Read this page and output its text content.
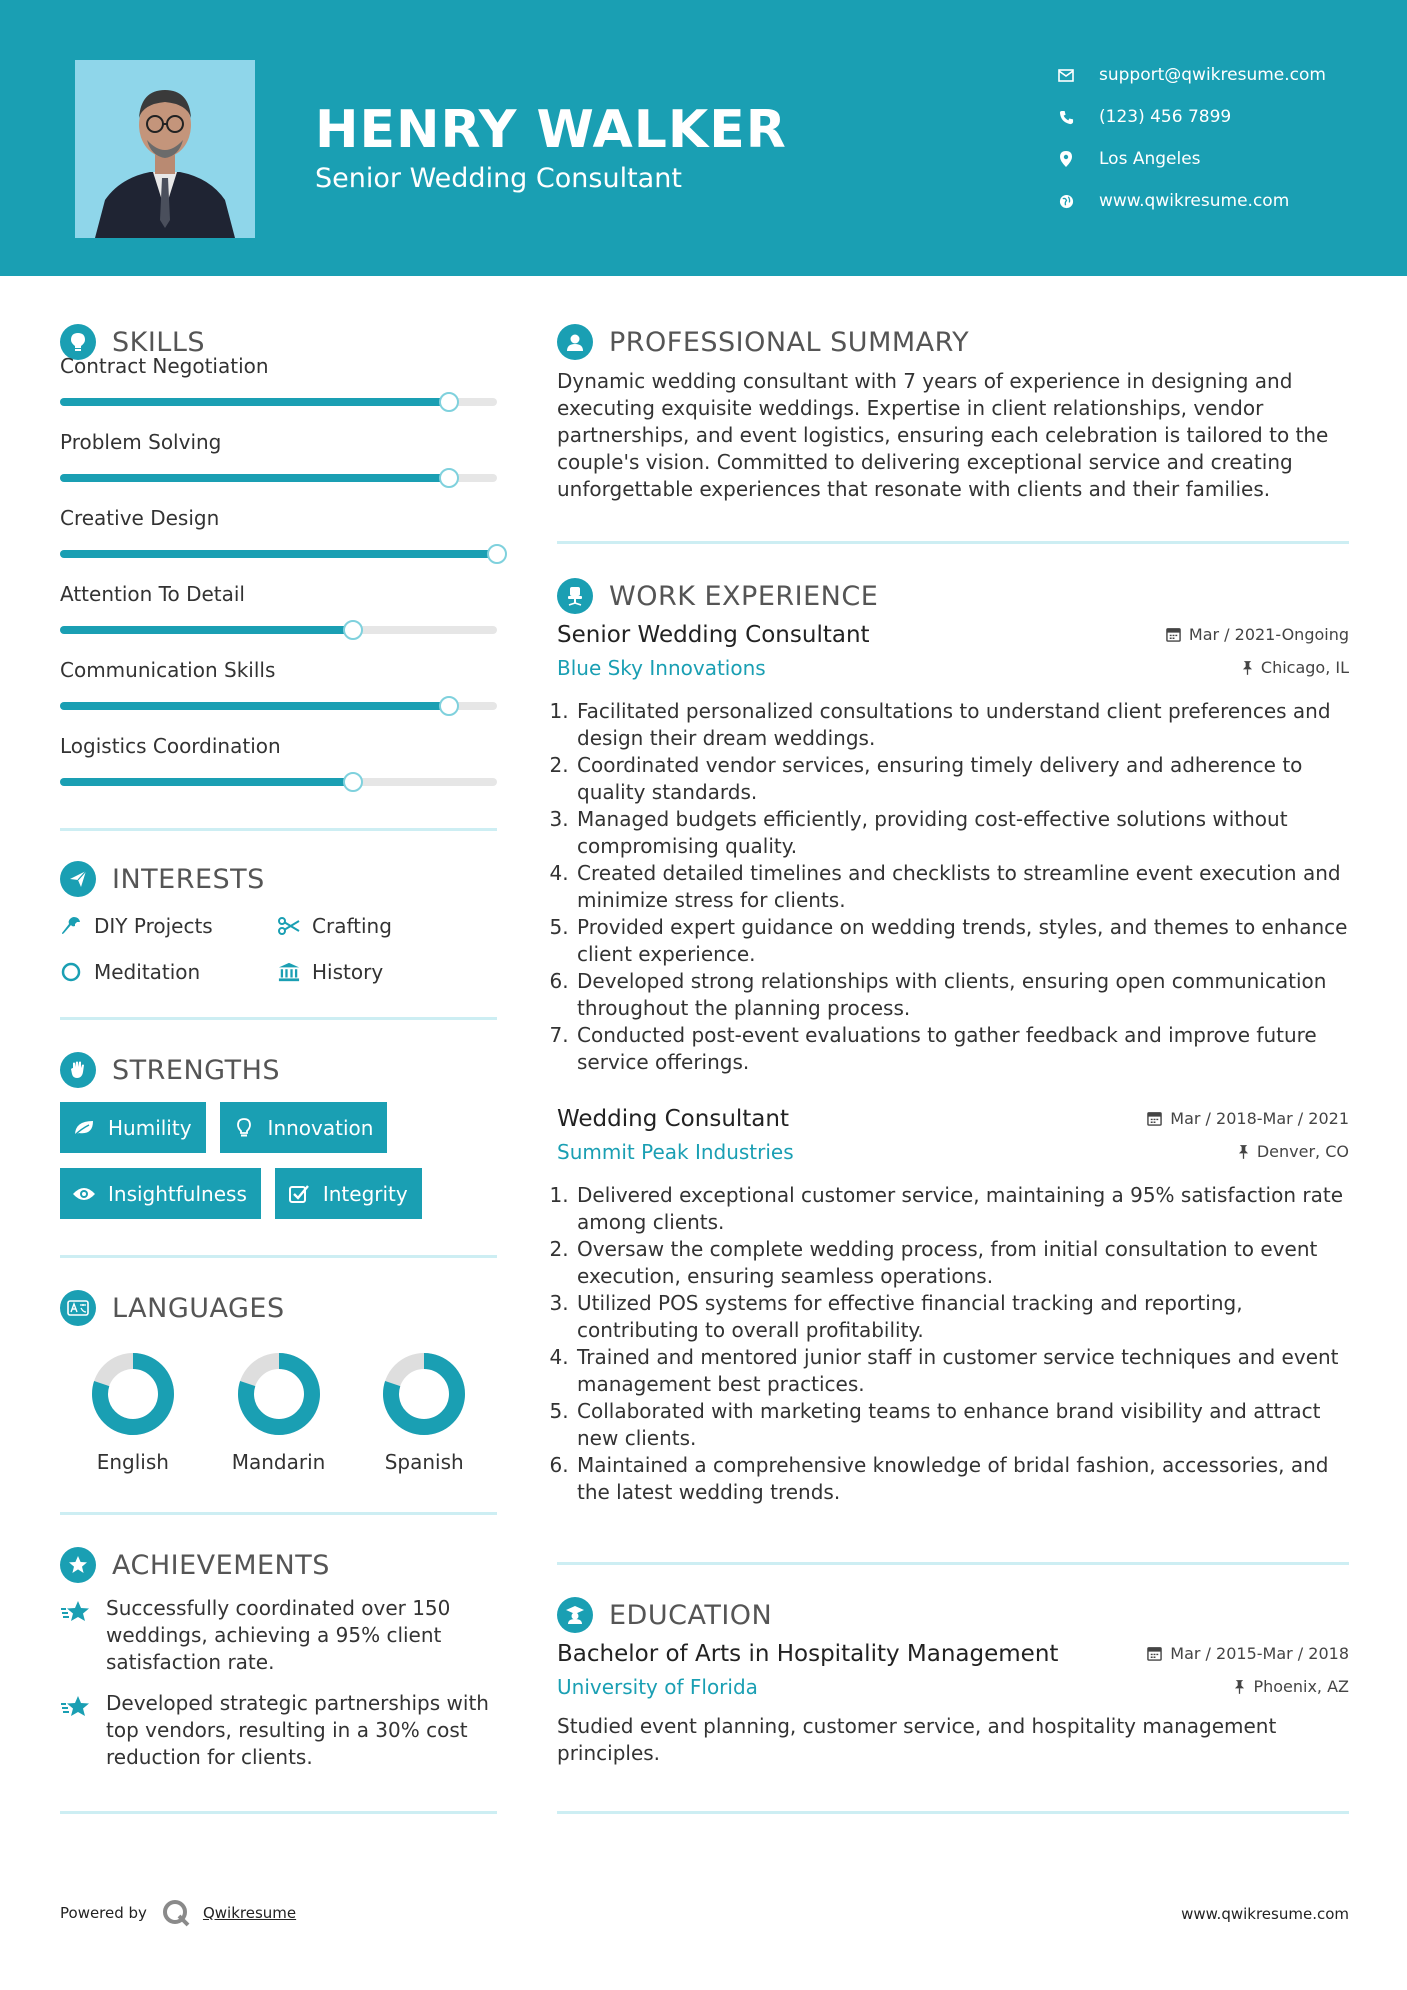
HENRY WALKER
Senior Wedding Consultant
support@qwikresume.com
(123) 456 7899
Los Angeles
www.qwikresume.com
SKILLS
Contract Negotiation
Problem Solving
Creative Design
Attention To Detail
Communication Skills
Logistics Coordination
INTERESTS
DIY Projects	Crafting
Meditation	History
STRENGTHS
Humility	Innovation
Insightfulness	Integrity
LANGUAGES
English	Mandarin	Spanish
ACHIEVEMENTS
Successfully coordinated over 150 weddings, achieving a 95% client satisfaction rate.
Developed strategic partnerships with top vendors, resulting in a 30% cost reduction for clients.
PROFESSIONAL SUMMARY
Dynamic wedding consultant with 7 years of experience in designing and executing exquisite weddings. Expertise in client relationships, vendor partnerships, and event logistics, ensuring each celebration is tailored to the couple's vision. Committed to delivering exceptional service and creating unforgettable experiences that resonate with clients and their families.
WORK EXPERIENCE
Senior Wedding Consultant	Mar / 2021-Ongoing
Blue Sky Innovations	Chicago, IL
1. Facilitated personalized consultations to understand client preferences and design their dream weddings.
2. Coordinated vendor services, ensuring timely delivery and adherence to quality standards.
3. Managed budgets efficiently, providing cost-effective solutions without compromising quality.
4. Created detailed timelines and checklists to streamline event execution and minimize stress for clients.
5. Provided expert guidance on wedding trends, styles, and themes to enhance client experience.
6. Developed strong relationships with clients, ensuring open communication throughout the planning process.
7. Conducted post-event evaluations to gather feedback and improve future service offerings.
Wedding Consultant	Mar / 2018-Mar / 2021
Summit Peak Industries	Denver, CO
1. Delivered exceptional customer service, maintaining a 95% satisfaction rate among clients.
2. Oversaw the complete wedding process, from initial consultation to event execution, ensuring seamless operations.
3. Utilized POS systems for effective financial tracking and reporting, contributing to overall profitability.
4. Trained and mentored junior staff in customer service techniques and event management best practices.
5. Collaborated with marketing teams to enhance brand visibility and attract new clients.
6. Maintained a comprehensive knowledge of bridal fashion, accessories, and the latest wedding trends.
EDUCATION
Bachelor of Arts in Hospitality Management	Mar / 2015-Mar / 2018
University of Florida	Phoenix, AZ
Studied event planning, customer service, and hospitality management principles.
Powered by	Qwikresume	www.qwikresume.com
